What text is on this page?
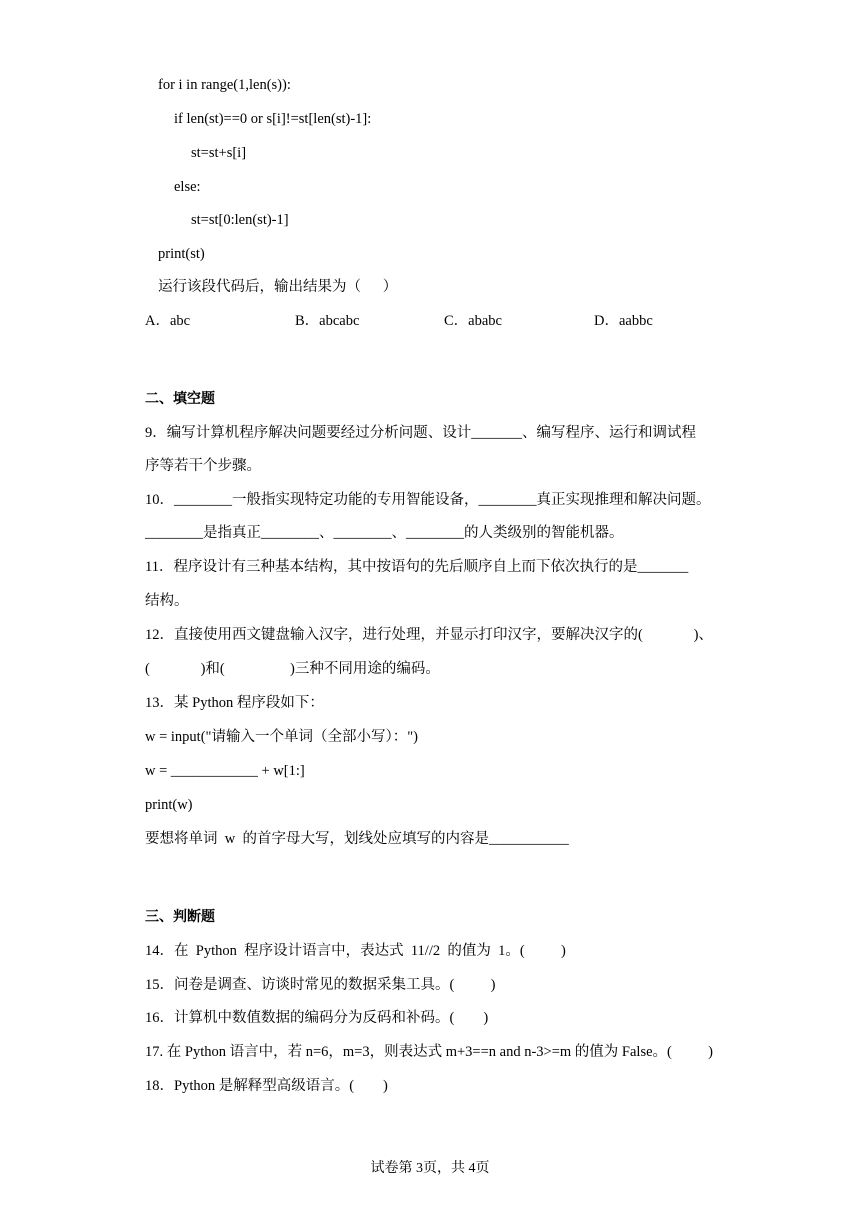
for i in range(1,len(s)):
if len(st)==0 or s[i]!=st[len(st)-1]:
st=st+s[i]
else:
st=st[0:len(st)-1]
print(st)
运行该段代码后，输出结果为（      ）
A．abc	B．abcabc	C．ababc	D．aabbc
二、填空题
9．编写计算机程序解决问题要经过分析问题、设计_______、编写程序、运行和调试程
序等若干个步骤。
10．________一般指实现特定功能的专用智能设备，________真正实现推理和解决问题。
________是指真正________、________、________的人类级别的智能机器。
11．程序设计有三种基本结构，其中按语句的先后顺序自上而下依次执行的是_______
结构。
12．直接使用西文键盘输入汉字，进行处理，并显示打印汉字，要解决汉字的(              )、
(              )和(                  )三种不同用途的编码。
13．某 Python 程序段如下：
w = input("请输入一个单词（全部小写）：")
w = ____________ + w[1:]
print(w)
要想将单词  w  的首字母大写，划线处应填写的内容是___________
三、判断题
14．在  Python  程序设计语言中，表达式  11//2  的值为  1。(          )
15．问卷是调查、访谈时常见的数据采集工具。(          )
16．计算机中数值数据的编码分为反码和补码。(        )
17. 在 Python 语言中，若 n=6，m=3，则表达式 m+3==n and n-3>=m 的值为 False。(          )
18．Python 是解释型高级语言。(        )
试卷第 3页，共 4页
